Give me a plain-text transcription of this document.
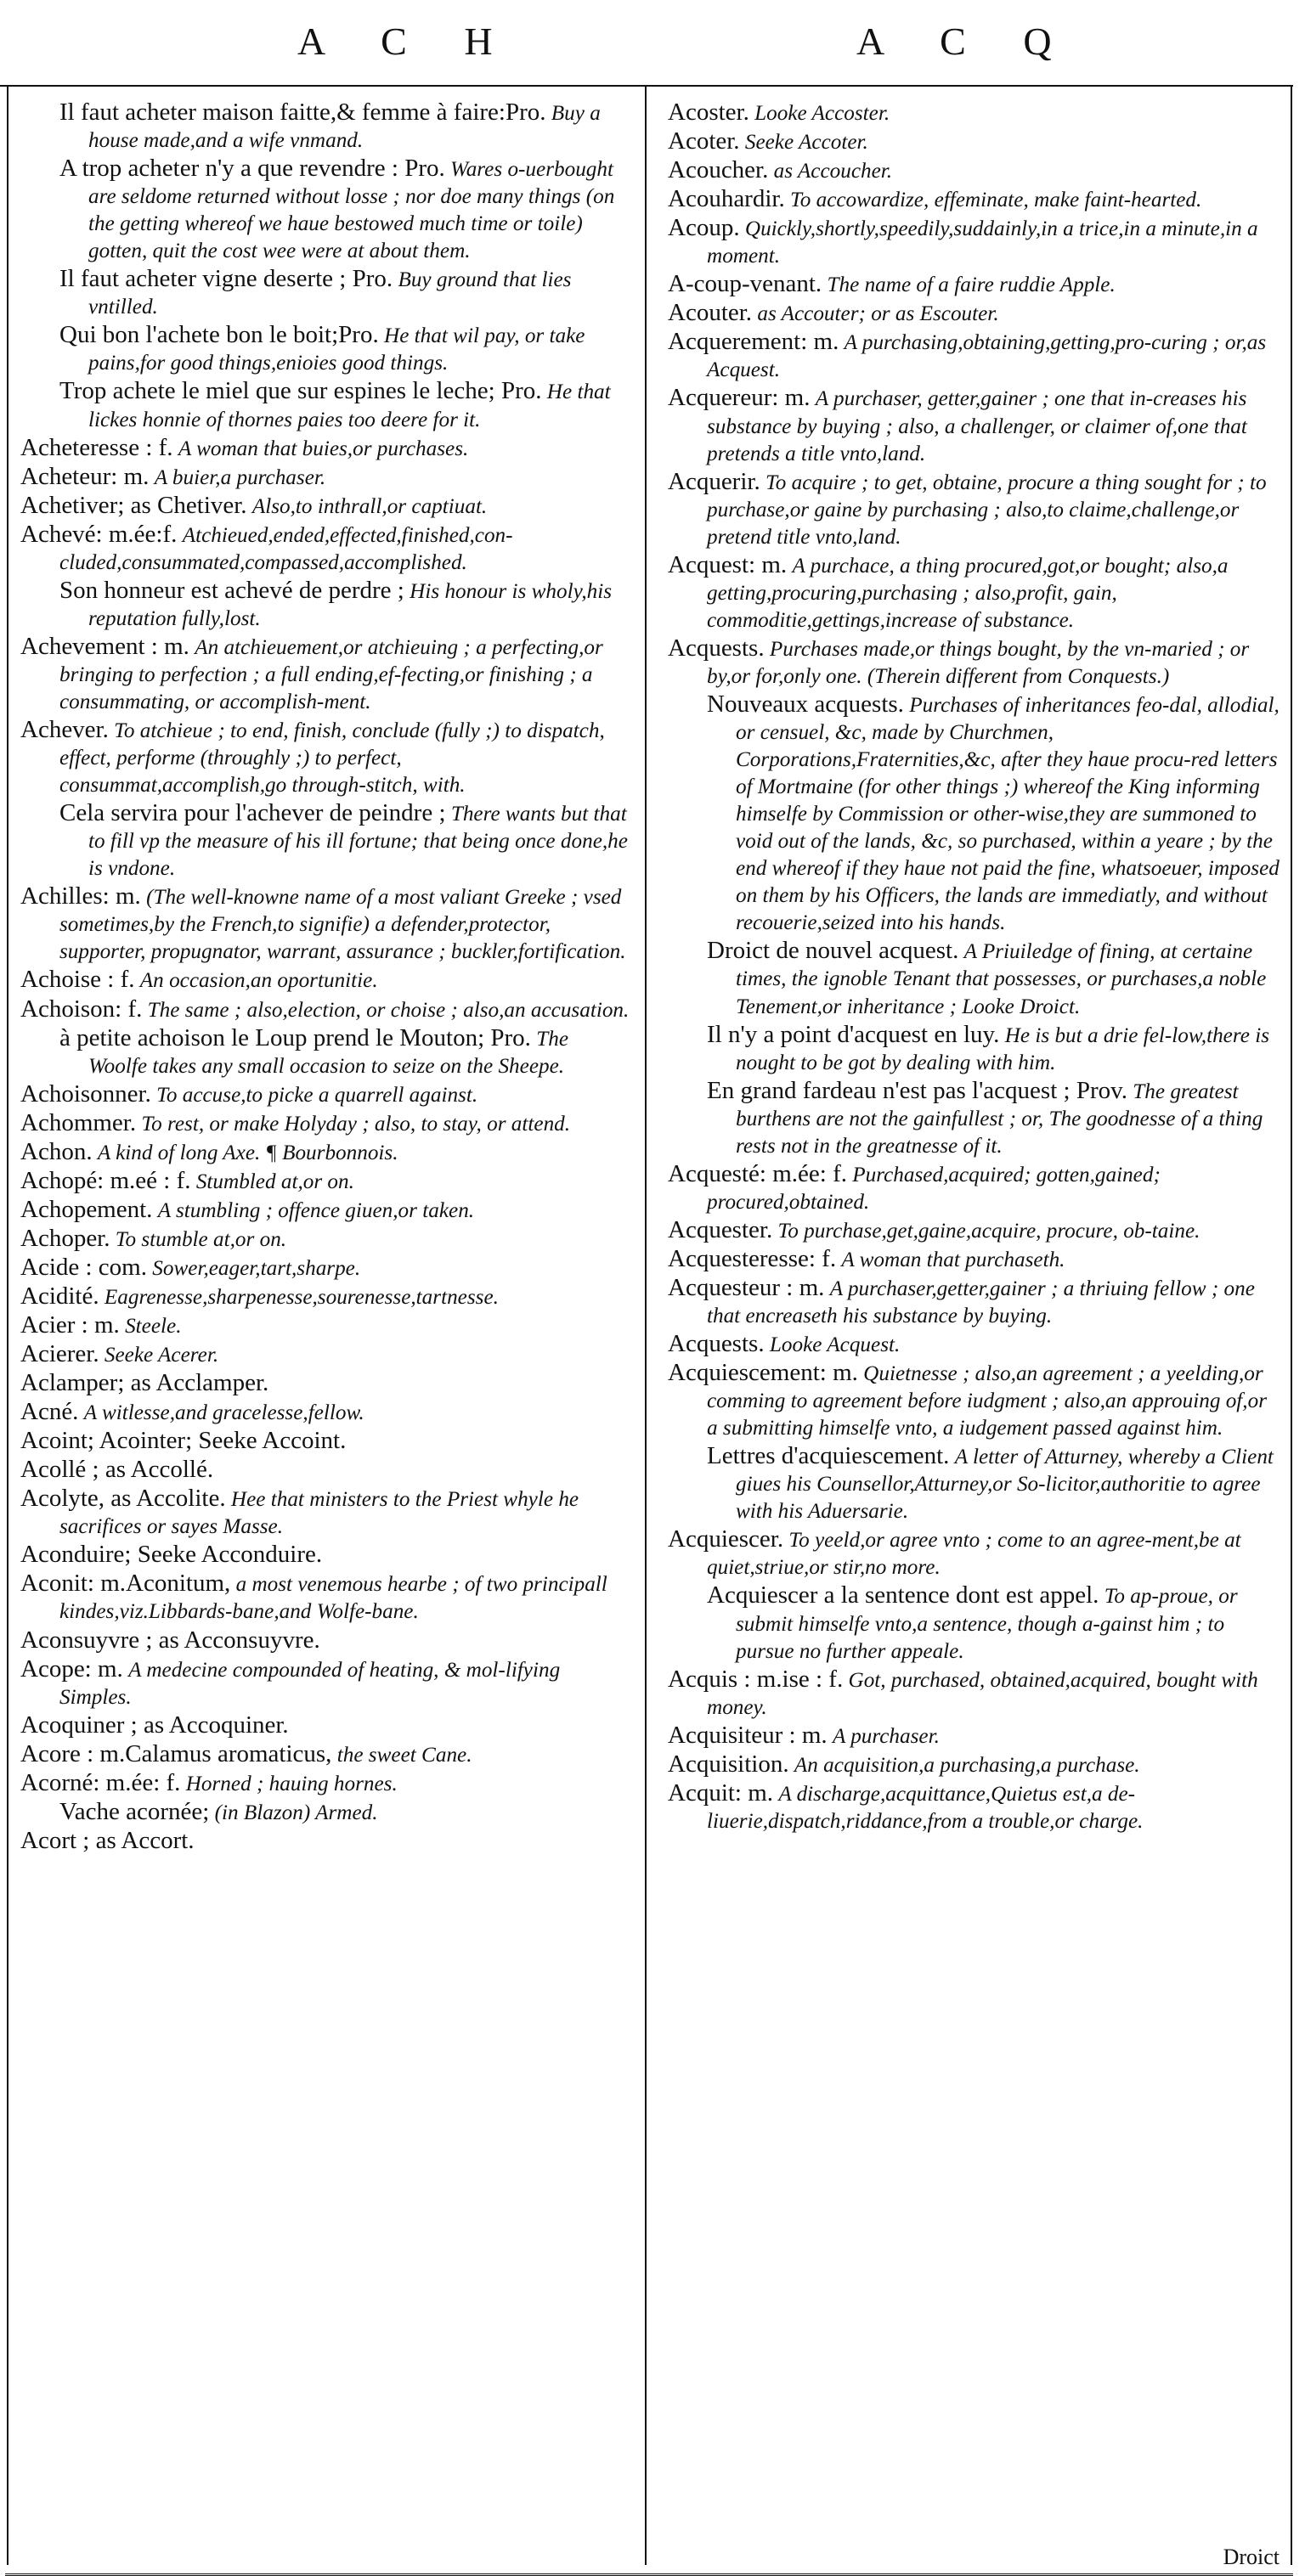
A C H	A C Q

Il faut acheter maison faitte,& femme à faire:Pro. Buy a house made,and a wife vnmand.

A trop acheter n'y a que revendre : Pro. Wares o-uerbought are seldome returned without losse ; nor doe many things (on the getting whereof we haue bestowed much time or toile) gotten, quit the cost wee were at about them.

Il faut acheter vigne deserte ; Pro. Buy ground that lies vntilled.

Qui bon l'achete bon le boit;Pro. He that wil pay, or take pains,for good things,enioies good things.

Trop achete le miel que sur espines le leche; Pro. He that lickes honnie of thornes paies too deere for it.

Acheteresse : f. A woman that buies,or purchases.

Acheteur: m. A buier,a purchaser.

Achetiver; as Chetiver. Also,to inthrall,or captiuat.

Achevé: m.ée:f. Atchieued,ended,effected,finished,con-cluded,consummated,compassed,accomplished.

Son honneur est achevé de perdre ; His honour is wholy,his reputation fully,lost.

Achevement : m. An atchieuement,or atchieuing ; a perfecting,or bringing to perfection ; a full ending,ef-fecting,or finishing ; a consummating, or accomplish-ment.

Achever. To atchieue ; to end, finish, conclude (fully ;) to dispatch, effect, performe (throughly ;) to perfect, consummat,accomplish,go through-stitch, with.

Cela servira pour l'achever de peindre ; There wants but that to fill vp the measure of his ill fortune; that being once done,he is vndone.

Achilles: m. (The well-knowne name of a most valiant Greeke ; vsed sometimes,by the French,to signifie) a defender,protector, supporter, propugnator, warrant, assurance ; buckler,fortification.

Achoise : f. An occasion,an oportunitie.

Achoison: f. The same ; also,election, or choise ; also,an accusation.

à petite achoison le Loup prend le Mouton; Pro. The Woolfe takes any small occasion to seize on the Sheepe.

Achoisonner. To accuse,to picke a quarrell against.

Achommer. To rest, or make Holyday ; also, to stay, or attend.

Achon. A kind of long Axe. ¶ Bourbonnois.

Achopé: m.eé : f. Stumbled at,or on.

Achopement. A stumbling ; offence giuen,or taken.

Achoper. To stumble at,or on.

Acide : com. Sower,eager,tart,sharpe.

Acidité. Eagrenesse,sharpenesse,sourenesse,tartnesse.

Acier : m. Steele.

Acierer. Seeke Acerer.

Aclamper; as Acclamper.

Acné. A witlesse,and gracelesse,fellow.

Acoint; Acointer; Seeke Accoint.

Acollé ; as Accollé.

Acolyte, as Accolite. Hee that ministers to the Priest whyle he sacrifices or sayes Masse.

Aconduire; Seeke Acconduire.

Aconit: m.Aconitum, a most venemous hearbe ; of two principall kindes,viz.Libbards-bane,and Wolfe-bane.

Aconsuyvre ; as Acconsuyvre.

Acope: m. A medecine compounded of heating, & mol-lifying Simples.

Acoquiner ; as Accoquiner.

Acore : m.Calamus aromaticus, the sweet Cane.

Acorné: m.ée: f. Horned ; hauing hornes.

Vache acornée; (in Blazon) Armed.

Acort ; as Accort.

Acoster. Looke Accoster.

Acoter. Seeke Accoter.

Acoucher. as Accoucher.

Acouhardir. To accowardize, effeminate, make faint-hearted.

Acoup. Quickly,shortly,speedily,suddainly,in a trice,in a minute,in a moment.

A-coup-venant. The name of a faire ruddie Apple.

Acouter. as Accouter; or as Escouter.

Acquerement: m. A purchasing,obtaining,getting,pro-curing ; or,as Acquest.

Acquereur: m. A purchaser, getter,gainer ; one that in-creases his substance by buying ; also, a challenger, or claimer of,one that pretends a title vnto,land.

Acquerir. To acquire ; to get, obtaine, procure a thing sought for ; to purchase,or gaine by purchasing ; also,to claime,challenge,or pretend title vnto,land.

Acquest: m. A purchace, a thing procured,got,or bought; also,a getting,procuring,purchasing ; also,profit, gain, commoditie,gettings,increase of substance.

Acquests. Purchases made,or things bought, by the vn-maried ; or by,or for,only one. (Therein different from Conquests.)

Nouveaux acquests. Purchases of inheritances feo-dal, allodial, or censuel, &c, made by Churchmen, Corporations,Fraternities,&c, after they haue procu-red letters of Mortmaine (for other things ;) whereof the King informing himselfe by Commission or other-wise,they are summoned to void out of the lands, &c, so purchased, within a yeare ; by the end whereof if they haue not paid the fine, whatsoeuer, imposed on them by his Officers, the lands are immediatly, and without recouerie,seized into his hands.

Droict de nouvel acquest. A Priuiledge of fining, at certaine times, the ignoble Tenant that possesses, or purchases,a noble Tenement,or inheritance ; Looke Droict.

Il n'y a point d'acquest en luy. He is but a drie fel-low,there is nought to be got by dealing with him.

En grand fardeau n'est pas l'acquest ; Prov. The greatest burthens are not the gainfullest ; or, The goodnesse of a thing rests not in the greatnesse of it.

Acquesté: m.ée: f. Purchased,acquired; gotten,gained; procured,obtained.

Acquester. To purchase,get,gaine,acquire, procure, ob-taine.

Acquesteresse: f. A woman that purchaseth.

Acquesteur : m. A purchaser,getter,gainer ; a thriuing fellow ; one that encreaseth his substance by buying.

Acquests. Looke Acquest.

Acquiescement: m. Quietnesse ; also,an agreement ; a yeelding,or comming to agreement before iudgment ; also,an approuing of,or a submitting himselfe vnto, a iudgement passed against him.

Lettres d'acquiescement. A letter of Atturney, whereby a Client giues his Counsellor,Atturney,or So-licitor,authoritie to agree with his Aduersarie.

Acquiescer. To yeeld,or agree vnto ; come to an agree-ment,be at quiet,striue,or stir,no more.

Acquiescer a la sentence dont est appel. To ap-proue, or submit himselfe vnto,a sentence, though a-gainst him ; to pursue no further appeale.

Acquis : m.ise : f. Got, purchased, obtained,acquired, bought with money.

Acquisiteur : m. A purchaser.

Acquisition. An acquisition,a purchasing,a purchase.

Acquit: m. A discharge,acquittance,Quietus est,a de-liuerie,dispatch,riddance,from a trouble,or charge.

Droict
